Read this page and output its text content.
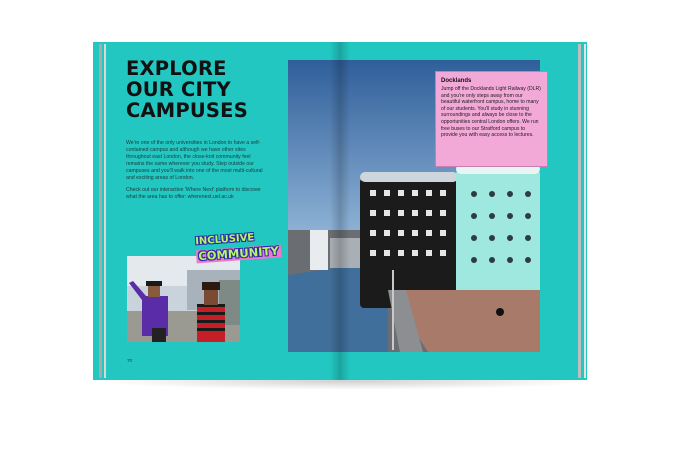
EXPLORE
OUR CITY
CAMPUSES

We're one of the only universities in London to have a self-contained campus and although we have other sites throughout east London, the close-knit community feel remains the same wherever you study. Step outside our campuses and you'll walk into one of the most multi-cultural and exciting areas of London.

Check out our interactive 'Where Next' platform to discover what the area has to offer: wherenext.uel.ac.uk

INCLUSIVE
COMMUNITY
70

Docklands

Jump off the Docklands Light Railway (DLR) and you're only steps away from our beautiful waterfront campus, home to many of our students. You'll study in stunning surroundings and always be close to the opportunities central London offers. We run free buses to our Stratford campus to provide you with easy access to lectures.
